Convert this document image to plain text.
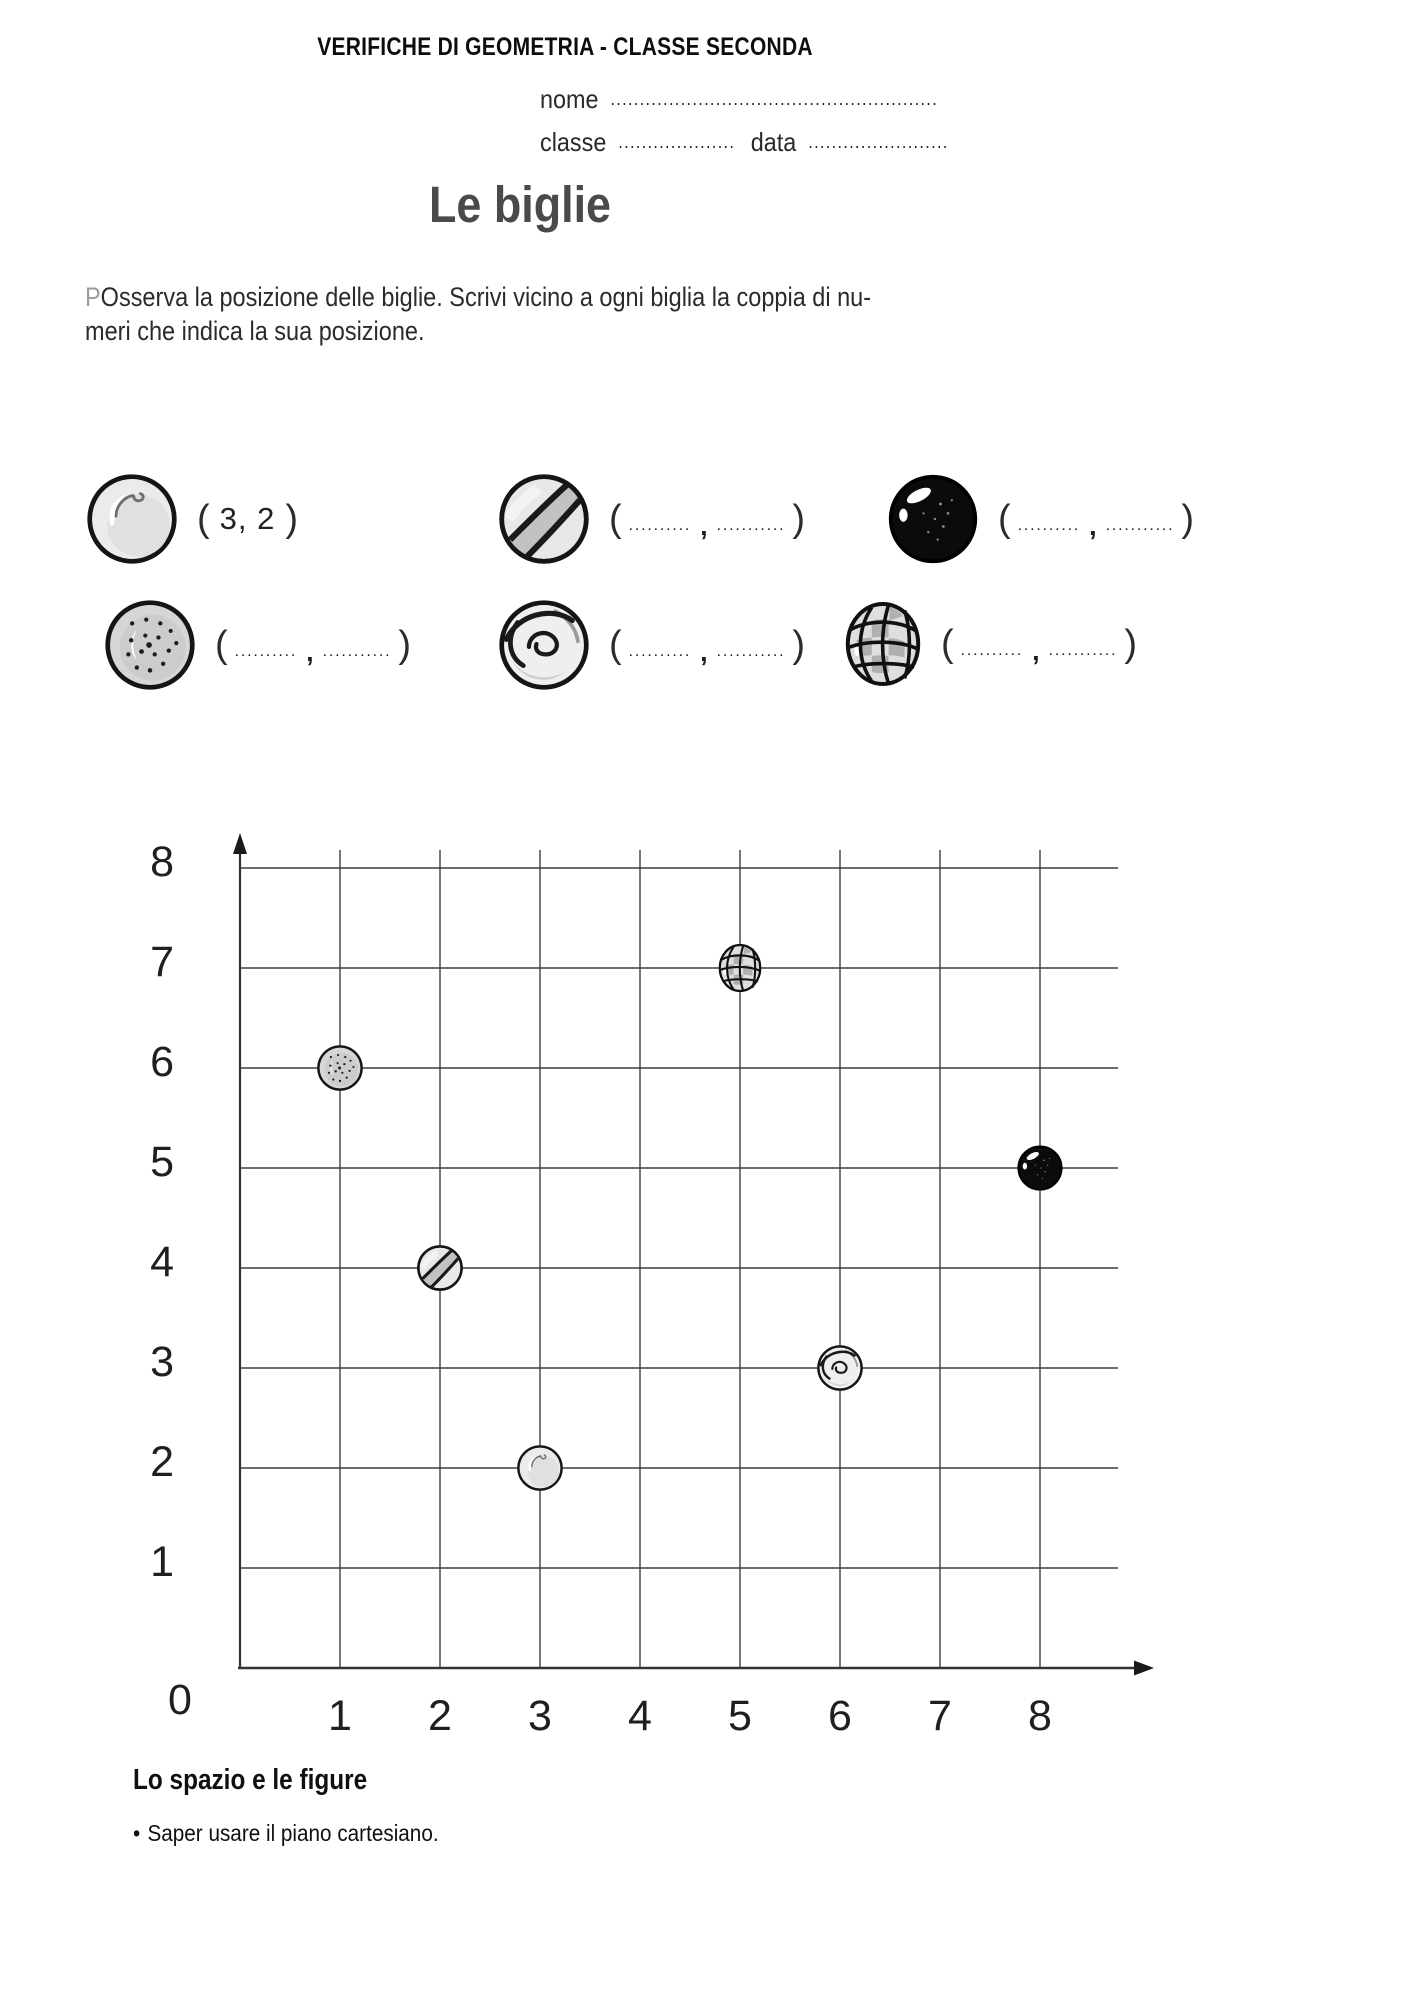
VERIFICHE DI GEOMETRIA - CLASSE SECONDA
nome ........................................................
classe .................... data ........................
Le biglie
POsserva la posizione delle biglie. Scrivi vicino a ogni biglia la coppia di nu-
meri che indica la sua posizione.
( 3, 2 )	( .......... , ........... )	( .......... , ........... )
( .......... , ........... )	( .......... , ........... )	( .......... , ........... )
8
7
6
5
4
3
2
1
0	1	2	3	4	5	6	7	8
Lo spazio e le figure
• Saper usare il piano cartesiano.
